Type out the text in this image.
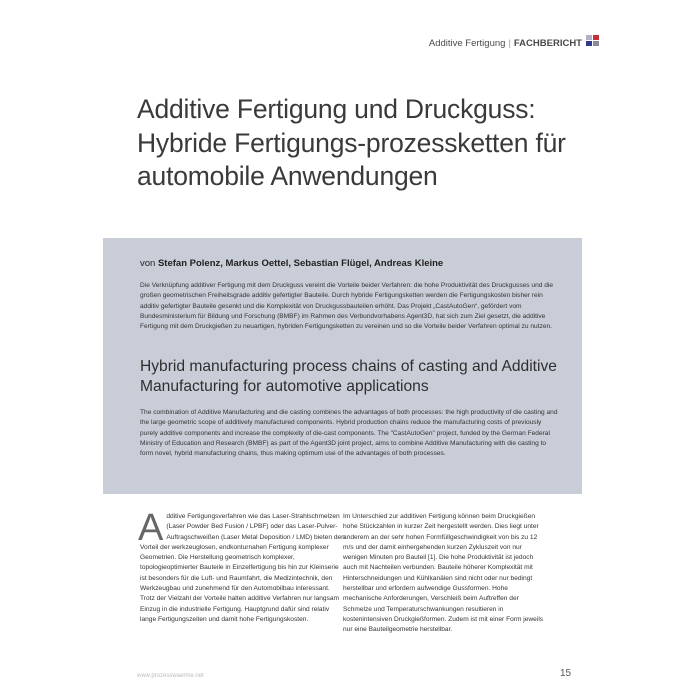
Additive Fertigung | FACHBERICHT
Additive Fertigung und Druckguss: Hybride Fertigungs-prozessketten für automobile Anwendungen
von Stefan Polenz, Markus Oettel, Sebastian Flügel, Andreas Kleine

Die Verknüpfung additiver Fertigung mit dem Druckguss vereint die Vorteile beider Verfahren: die hohe Produktivität des Druckgusses und die großen geometrischen Freiheitsgrade additiv gefertigter Bauteile. Durch hybride Fertigungsketten werden die Fertigungskosten bisher rein additiv gefertigter Bauteile gesenkt und die Komplexität von Druckgussbauteilen erhöht. Das Projekt „CastAutoGen“, gefördert vom Bundesministerium für Bildung und Forschung (BMBF) im Rahmen des Verbundvorhabens Agent3D, hat sich zum Ziel gesetzt, die additive Fertigung mit dem Druckgießen zu neuartigen, hybriden Fertigungsketten zu vereinen und so die Vorteile beider Verfahren optimal zu nutzen.

Hybrid manufacturing process chains of casting and Additive Manufacturing for automotive applications

The combination of Additive Manufacturing and die casting combines the advantages of both processes: the high productivity of die casting and the large geometric scope of additively manufactured components. Hybrid production chains reduce the manufacturing costs of previously purely additive components and increase the complexity of die-cast components. The "CastAutoGen" project, funded by the German Federal Ministry of Education and Research (BMBF) as part of the Agent3D joint project, aims to combine Additive Manufacturing with die casting to form novel, hybrid manufacturing chains, thus making optimum use of the advantages of both processes.

Additive Fertigungsverfahren wie das Laser-Strahlschmelzen (Laser Powder Bed Fusion / LPBF) oder das Laser-Pulver-Auftragschweißen (Laser Metal Deposition / LMD) bieten den Vorteil der werkzeuglosen, endkonturnahen Fertigung komplexer Geometrien. Die Herstellung geometrisch komplexer, topologieoptimierter Bauteile in Einzelfertigung bis hin zur Kleinserie ist besonders für die Luft- und Raumfahrt, die Medizintechnik, den Werkzeugbau und zunehmend für den Automobilbau interessant. Trotz der Vielzahl der Vorteile halten additive Verfahren nur langsam Einzug in die industrielle Fertigung. Hauptgrund dafür sind relativ lange Fertigungszeiten und damit hohe Fertigungskosten.

Im Unterschied zur additiven Fertigung können beim Druckgießen hohe Stückzahlen in kurzer Zeit hergestellt werden. Dies liegt unter anderem an der sehr hohen Formfüllgeschwindigkeit von bis zu 12 m/s und der damit einhergehenden kurzen Zykluszeit von nur wenigen Minuten pro Bauteil [1]. Die hohe Produktivität ist jedoch auch mit Nachteilen verbunden. Bauteile höherer Komplexität mit Hinterschneidungen und Kühlkanälen sind nicht oder nur bedingt herstellbar und erfordern aufwendige Gussformen. Hohe mechanische Anforderungen, Verschleiß beim Auftreffen der Schmelze und Temperaturschwankungen resultieren in kostenintensiven Druckgießformen. Zudem ist mit einer Form jeweils nur eine Bauteilgeometrie herstellbar.

www.prozesswaerme.net	15
